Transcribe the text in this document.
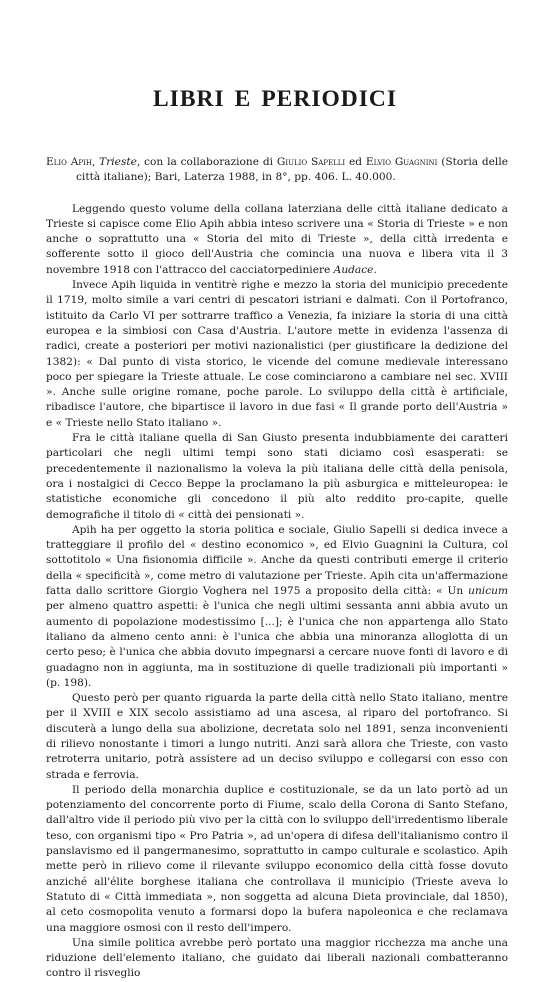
LIBRI E PERIODICI

Elio Apih, Trieste, con la collaborazione di Giulio Sapelli ed Elvio Guagnini (Storia delle città italiane); Bari, Laterza 1988, in 8°, pp. 406. L. 40.000.

Leggendo questo volume della collana laterziana delle città italiane dedicato a Trieste si capisce come Elio Apih abbia inteso scrivere una « Storia di Trieste » e non anche o soprattutto una « Storia del mito di Trieste », della città irredenta e sofferente sotto il gioco dell'Austria che comincia una nuova e libera vita il 3 novembre 1918 con l'attracco del cacciatorpediniere Audace.

Invece Apih liquida in ventitrè righe e mezzo la storia del municipio precedente il 1719, molto simile a vari centri di pescatori istriani e dalmati. Con il Portofranco, istituito da Carlo VI per sottrarre traffico a Venezia, fa iniziare la storia di una città europea e la simbiosi con Casa d'Austria. L'autore mette in evidenza l'assenza di radici, create a posteriori per motivi nazionalistici (per giustificare la dedizione del 1382): « Dal punto di vista storico, le vicende del comune medievale interessano poco per spiegare la Trieste attuale. Le cose cominciarono a cambiare nel sec. XVIII ». Anche sulle origine romane, poche parole. Lo sviluppo della città è artificiale, ribadisce l'autore, che bipartisce il lavoro in due fasi « Il grande porto dell'Austria » e « Trieste nello Stato italiano ».

Fra le città italiane quella di San Giusto presenta indubbiamente dei caratteri particolari che negli ultimi tempi sono stati diciamo così esasperati: se precedentemente il nazionalismo la voleva la più italiana delle città della penisola, ora i nostalgici di Cecco Beppe la proclamano la più asburgica e mitteleuropea: le statistiche economiche gli concedono il più alto reddito pro-capite, quelle demografiche il titolo di « città dei pensionati ».

Apih ha per oggetto la storia politica e sociale, Giulio Sapelli si dedica invece a tratteggiare il profilo del « destino economico », ed Elvio Guagnini la Cultura, col sottotitolo « Una fisionomia difficile ». Anche da questi contributi emerge il criterio della « specificità », come metro di valutazione per Trieste. Apih cita un'affermazione fatta dallo scrittore Giorgio Voghera nel 1975 a proposito della città: « Un unicum per almeno quattro aspetti: è l'unica che negli ultimi sessanta anni abbia avuto un aumento di popolazione modestissimo [...]; è l'unica che non appartenga allo Stato italiano da almeno cento anni: è l'unica che abbia una minoranza alloglotta di un certo peso; è l'unica che abbia dovuto impegnarsi a cercare nuove fonti di lavoro e di guadagno non in aggiunta, ma in sostituzione di quelle tradizionali più importanti » (p. 198).

Questo però per quanto riguarda la parte della città nello Stato italiano, mentre per il XVIII e XIX secolo assistiamo ad una ascesa, al riparo del portofranco. Si discuterà a lungo della sua abolizione, decretata solo nel 1891, senza inconvenienti di rilievo nonostante i timori a lungo nutriti. Anzi sarà allora che Trieste, con vasto retroterra unitario, potrà assistere ad un deciso sviluppo e collegarsi con esso con strada e ferrovia.

Il periodo della monarchia duplice e costituzionale, se da un lato portò ad un potenziamento del concorrente porto di Fiume, scalo della Corona di Santo Stefano, dall'altro vide il periodo più vivo per la città con lo sviluppo dell'irredentismo liberale teso, con organismi tipo « Pro Patria », ad un'opera di difesa dell'italianismo contro il panslavismo ed il pangermanesimo, soprattutto in campo culturale e scolastico. Apih mette però in rilievo come il rilevante sviluppo economico della città fosse dovuto anziché all'élite borghese italiana che controllava il municipio (Trieste aveva lo Statuto di « Città immediata », non soggetta ad alcuna Dieta provinciale, dal 1850), al ceto cosmopolita venuto a formarsi dopo la bufera napoleonica e che reclamava una maggiore osmosi con il resto dell'impero.

Una simile politica avrebbe però portato una maggior ricchezza ma anche una riduzione dell'elemento italiano, che guidato dai liberali nazionali combatteranno contro il risveglio
